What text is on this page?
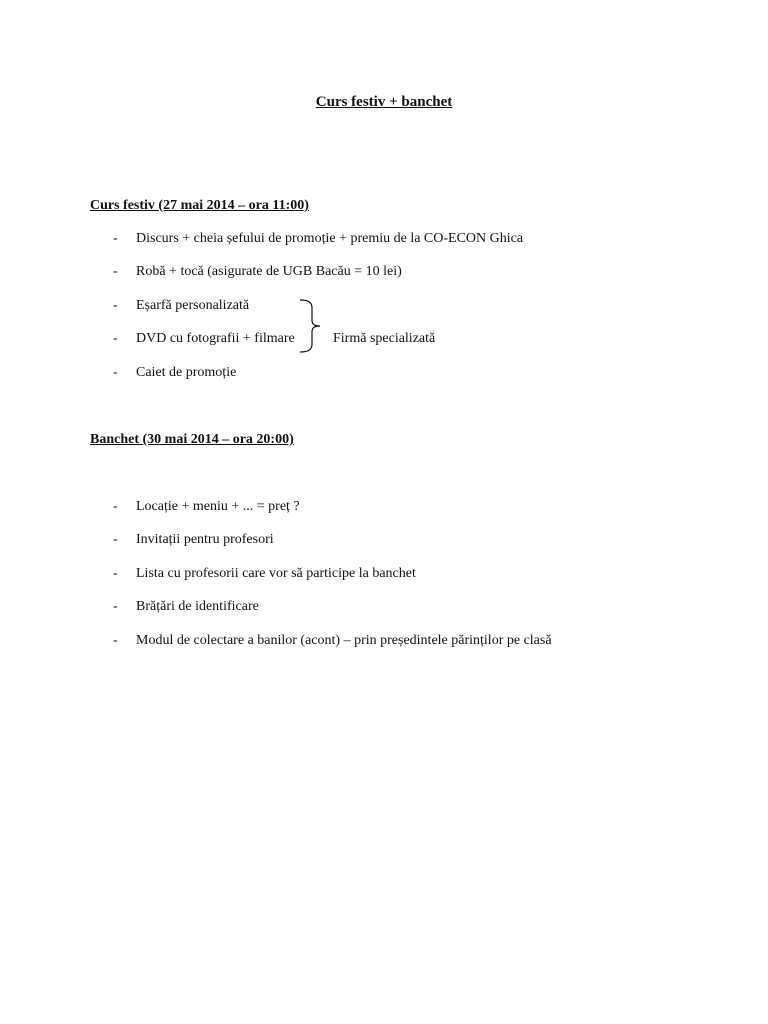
Curs festiv + banchet
Curs festiv (27 mai 2014 – ora 11:00)
- Discurs + cheia șefului de promoție + premiu de la CO-ECON Ghica
- Robă + tocă (asigurate de UGB Bacău = 10 lei)
- Eșarfă personalizată
- DVD cu fotografii + filmare
- Caiet de promoție
Firmă specializată
Banchet (30 mai 2014 – ora 20:00)
- Locație + meniu + ... = preț ?
- Invitații pentru profesori
- Lista cu profesorii care vor să participe la banchet
- Brățări de identificare
- Modul de colectare a banilor (acont) – prin președintele părinților pe clasă
